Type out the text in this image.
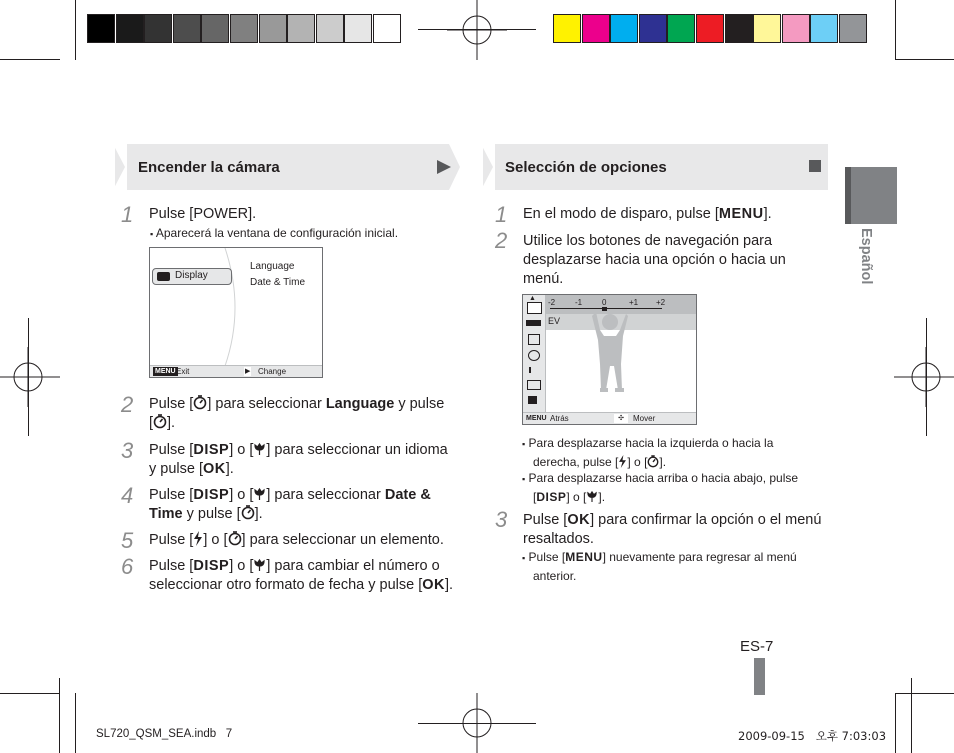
Encender la cámara
1 Pulse [POWER].
▪ Aparecerá la ventana de configuración inicial.
Display
Language
Date & Time
MENU Exit	▶ Change
2 Pulse [ ] para seleccionar Language y pulse
[ ].
3 Pulse [DISP] o [ ] para seleccionar un idioma
y pulse [OK].
4 Pulse [DISP] o [ ] para seleccionar Date &
Time y pulse [ ].
5 Pulse [ ] o [ ] para seleccionar un elemento.
6 Pulse [DISP] o [ ] para cambiar el número o
seleccionar otro formato de fecha y pulse [OK].
Selección de opciones
1 En el modo de disparo, pulse [MENU].
2 Utilice los botones de navegación para
desplazarse hacia una opción o hacia un
menú.
▲ -2 -1 0	+1 +2
EV
MENU Atrás	✣	Mover
▪ Para desplazarse hacia la izquierda o hacia la
derecha, pulse [ ] o [ ].
▪ Para desplazarse hacia arriba o hacia abajo, pulse
[DISP] o [ ].
3 Pulse [OK] para confirmar la opción o el menú
resaltados.
▪ Pulse [MENU] nuevamente para regresar al menú
anterior.
Español
ES-7
SL720_QSM_SEA.indb   7	2009-09-15   오후 7:03:03
